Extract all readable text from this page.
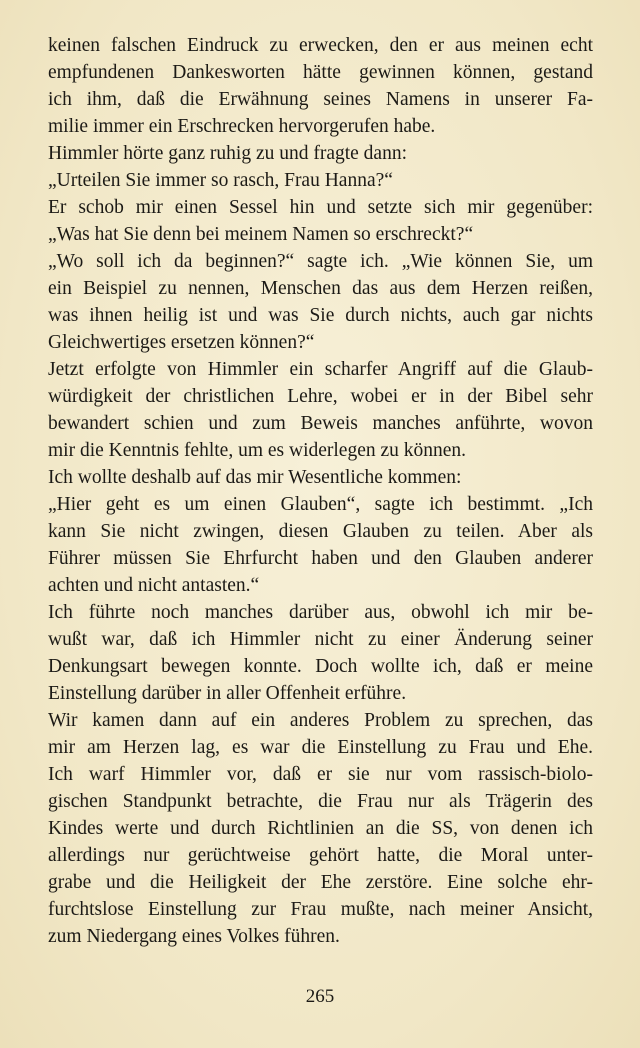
keinen falschen Eindruck zu erwecken, den er aus meinen echt
empfundenen Dankesworten hätte gewinnen können, gestand
ich ihm, daß die Erwähnung seines Namens in unserer Fa-
milie immer ein Erschrecken hervorgerufen habe.
Himmler hörte ganz ruhig zu und fragte dann:
„Urteilen Sie immer so rasch, Frau Hanna?“
Er schob mir einen Sessel hin und setzte sich mir gegenüber:
„Was hat Sie denn bei meinem Namen so erschreckt?“
„Wo soll ich da beginnen?“ sagte ich. „Wie können Sie, um
ein Beispiel zu nennen, Menschen das aus dem Herzen reißen,
was ihnen heilig ist und was Sie durch nichts, auch gar nichts
Gleichwertiges ersetzen können?“
Jetzt erfolgte von Himmler ein scharfer Angriff auf die Glaub-
würdigkeit der christlichen Lehre, wobei er in der Bibel sehr
bewandert schien und zum Beweis manches anführte, wovon
mir die Kenntnis fehlte, um es widerlegen zu können.
Ich wollte deshalb auf das mir Wesentliche kommen:
„Hier geht es um einen Glauben“, sagte ich bestimmt. „Ich
kann Sie nicht zwingen, diesen Glauben zu teilen. Aber als
Führer müssen Sie Ehrfurcht haben und den Glauben anderer
achten und nicht antasten.“
Ich führte noch manches darüber aus, obwohl ich mir be-
wußt war, daß ich Himmler nicht zu einer Änderung seiner
Denkungsart bewegen konnte. Doch wollte ich, daß er meine
Einstellung darüber in aller Offenheit erführe.
Wir kamen dann auf ein anderes Problem zu sprechen, das
mir am Herzen lag, es war die Einstellung zu Frau und Ehe.
Ich warf Himmler vor, daß er sie nur vom rassisch-biolo-
gischen Standpunkt betrachte, die Frau nur als Trägerin des
Kindes werte und durch Richtlinien an die SS, von denen ich
allerdings nur gerüchtweise gehört hatte, die Moral unter-
grabe und die Heiligkeit der Ehe zerstöre. Eine solche ehr-
furchtslose Einstellung zur Frau mußte, nach meiner Ansicht,
zum Niedergang eines Volkes führen.
265
